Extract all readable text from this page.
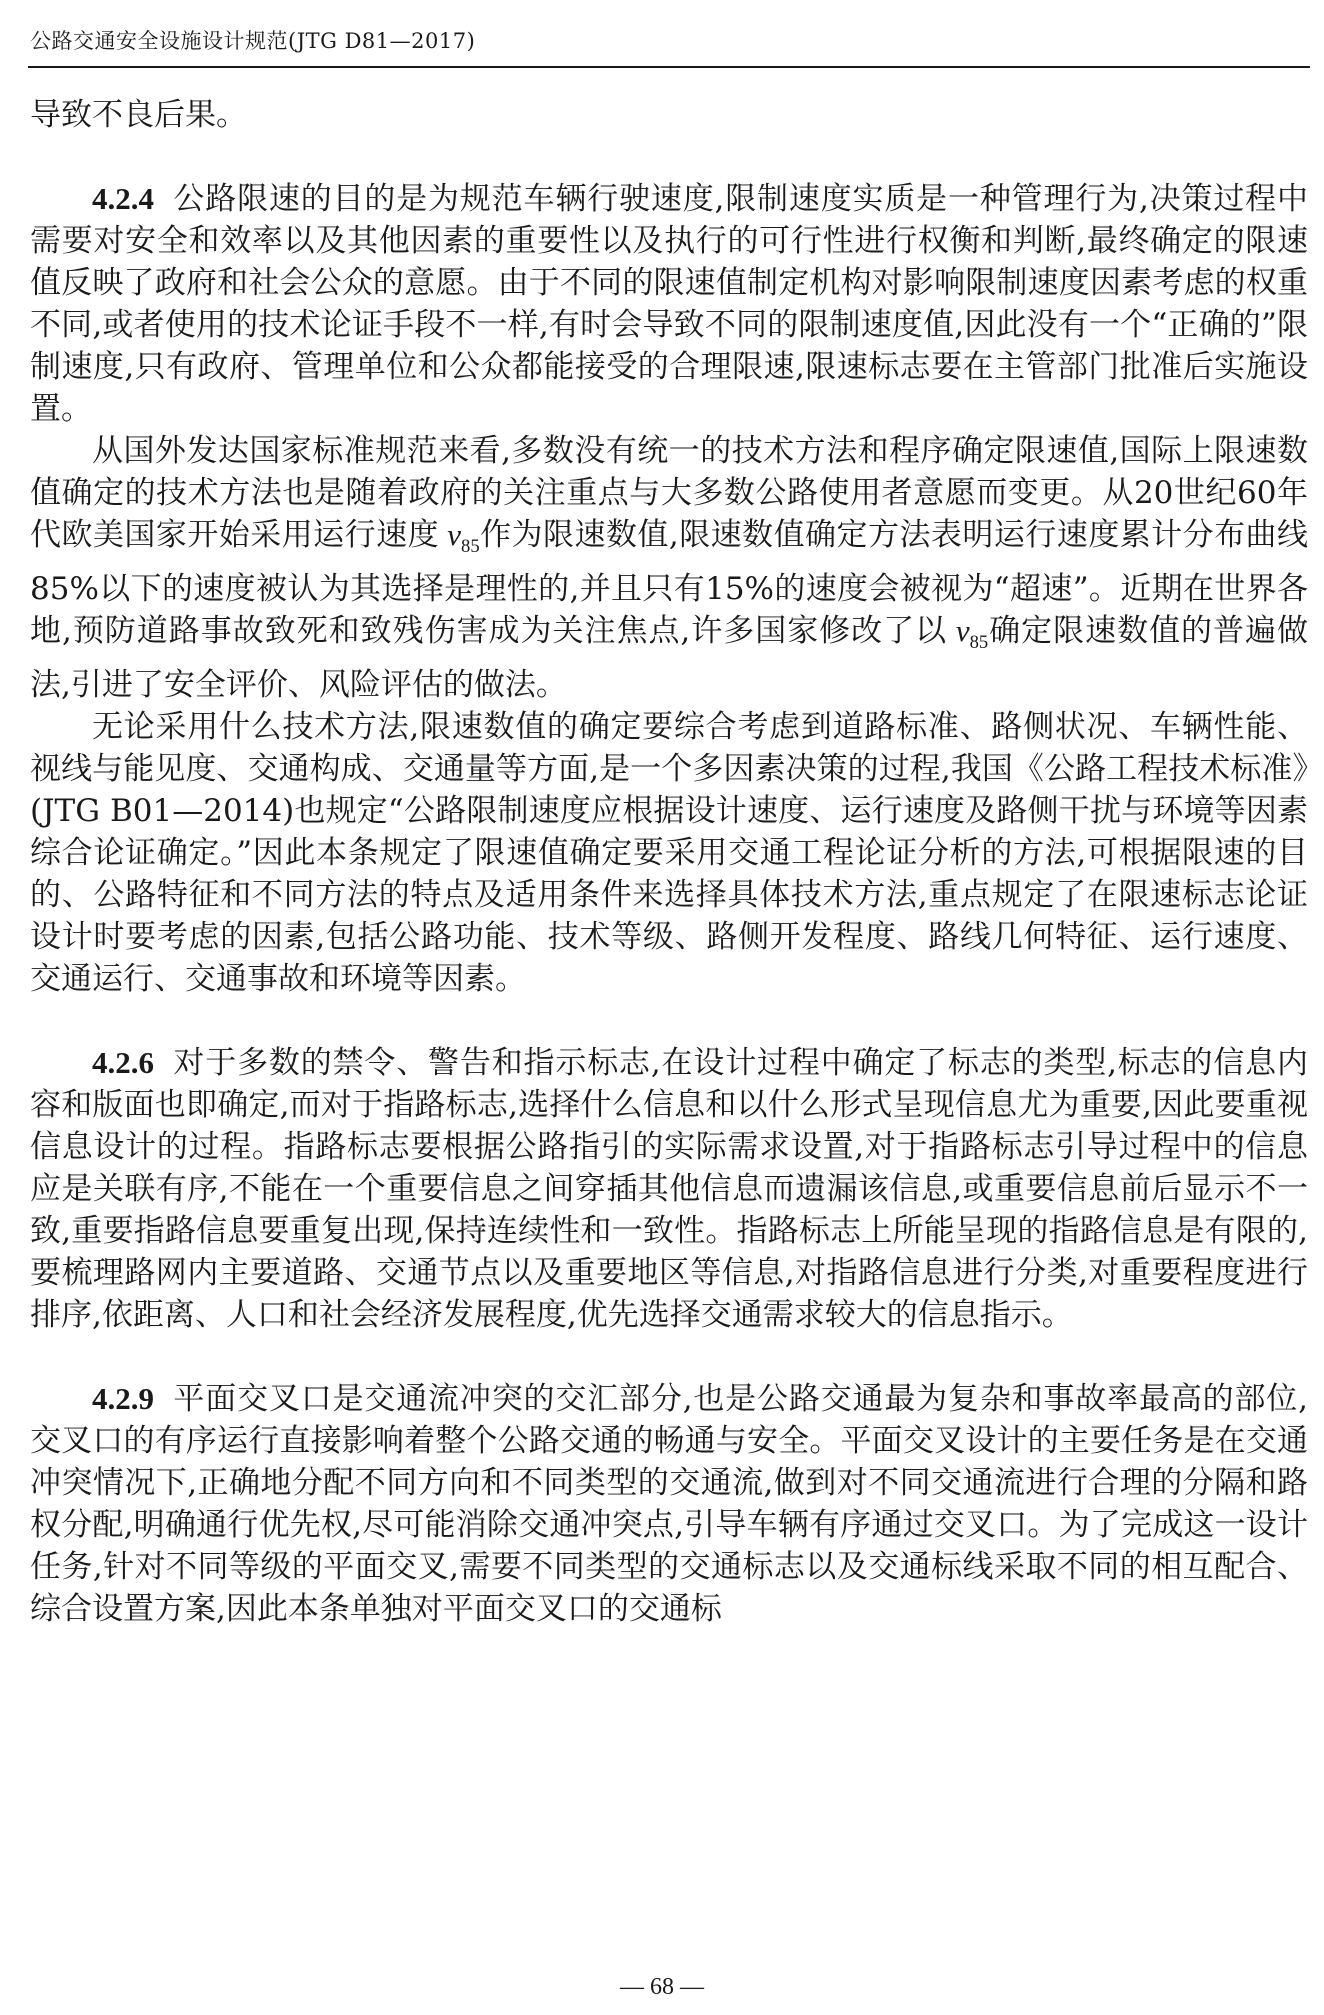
公路交通安全设施设计规范(JTG D81—2017)

导致不良后果。

4.2.4 公路限速的目的是为规范车辆行驶速度,限制速度实质是一种管理行为,决策过程中需要对安全和效率以及其他因素的重要性以及执行的可行性进行权衡和判断,最终确定的限速值反映了政府和社会公众的意愿。由于不同的限速值制定机构对影响限制速度因素考虑的权重不同,或者使用的技术论证手段不一样,有时会导致不同的限制速度值,因此没有一个“正确的”限制速度,只有政府、管理单位和公众都能接受的合理限速,限速标志要在主管部门批准后实施设置。

从国外发达国家标准规范来看,多数没有统一的技术方法和程序确定限速值,国际上限速数值确定的技术方法也是随着政府的关注重点与大多数公路使用者意愿而变更。从20世纪60年代欧美国家开始采用运行速度 $v_{85}$作为限速数值,限速数值确定方法表明运行速度累计分布曲线85%以下的速度被认为其选择是理性的,并且只有15%的速度会被视为“超速”。近期在世界各地,预防道路事故致死和致残伤害成为关注焦点,许多国家修改了以 $v_{85}$确定限速数值的普遍做法,引进了安全评价、风险评估的做法。

无论采用什么技术方法,限速数值的确定要综合考虑到道路标准、路侧状况、车辆性能、视线与能见度、交通构成、交通量等方面,是一个多因素决策的过程,我国《公路工程技术标准》(JTG B01—2014)也规定“公路限制速度应根据设计速度、运行速度及路侧干扰与环境等因素综合论证确定。”因此本条规定了限速值确定要采用交通工程论证分析的方法,可根据限速的目的、公路特征和不同方法的特点及适用条件来选择具体技术方法,重点规定了在限速标志论证设计时要考虑的因素,包括公路功能、技术等级、路侧开发程度、路线几何特征、运行速度、交通运行、交通事故和环境等因素。

4.2.6 对于多数的禁令、警告和指示标志,在设计过程中确定了标志的类型,标志的信息内容和版面也即确定,而对于指路标志,选择什么信息和以什么形式呈现信息尤为重要,因此要重视信息设计的过程。指路标志要根据公路指引的实际需求设置,对于指路标志引导过程中的信息应是关联有序,不能在一个重要信息之间穿插其他信息而遗漏该信息,或重要信息前后显示不一致,重要指路信息要重复出现,保持连续性和一致性。指路标志上所能呈现的指路信息是有限的,要梳理路网内主要道路、交通节点以及重要地区等信息,对指路信息进行分类,对重要程度进行排序,依距离、人口和社会经济发展程度,优先选择交通需求较大的信息指示。

4.2.9 平面交叉口是交通流冲突的交汇部分,也是公路交通最为复杂和事故率最高的部位,交叉口的有序运行直接影响着整个公路交通的畅通与安全。平面交叉设计的主要任务是在交通冲突情况下,正确地分配不同方向和不同类型的交通流,做到对不同交通流进行合理的分隔和路权分配,明确通行优先权,尽可能消除交通冲突点,引导车辆有序通过交叉口。为了完成这一设计任务,针对不同等级的平面交叉,需要不同类型的交通标志以及交通标线采取不同的相互配合、综合设置方案,因此本条单独对平面交叉口的交通标

— 68 —
